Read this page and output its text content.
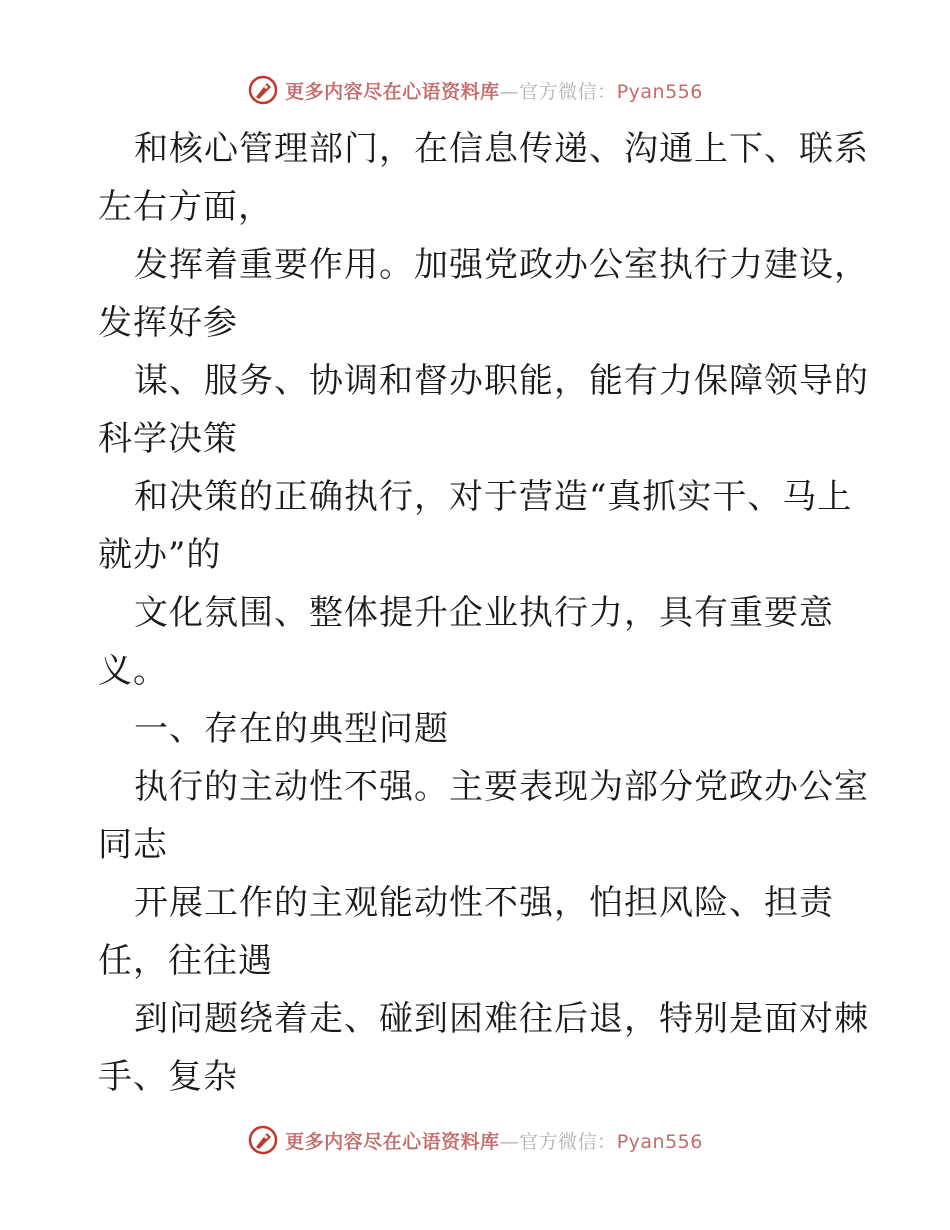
更多内容尽在心语资料库—官方微信：Pyan556
和核心管理部门，在信息传递、沟通上下、联系
左右方面，
发挥着重要作用。加强党政办公室执行力建设，
发挥好参
谋、服务、协调和督办职能，能有力保障领导的
科学决策
和决策的正确执行，对于营造“真抓实干、马上
就办”的
文化氛围、整体提升企业执行力，具有重要意
义。
一、存在的典型问题
执行的主动性不强。主要表现为部分党政办公室
同志
开展工作的主观能动性不强，怕担风险、担责
任，往往遇
到问题绕着走、碰到困难往后退，特别是面对棘
手、复杂
更多内容尽在心语资料库—官方微信：Pyan556
